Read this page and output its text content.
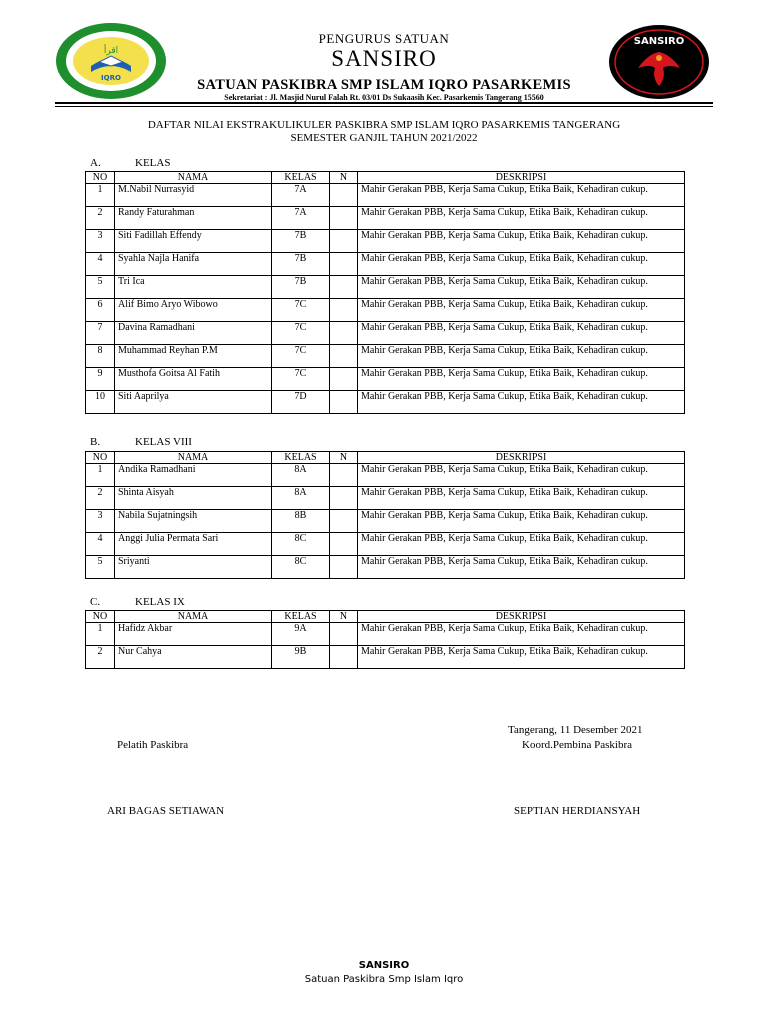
اقرأ
IQRO
SANSIRO
PENGURUS SATUAN
SANSIRO
SATUAN PASKIBRA SMP ISLAM IQRO PASARKEMIS
Sekretariat : Jl. Masjid Nurul Falah Rt. 03/01 Ds Sukaasih Kec. Pasarkemis Tangerang 15560
DAFTAR NILAI EKSTRAKULIKULER PASKIBRA SMP ISLAM IQRO PASARKEMIS TANGERANG
SEMESTER GANJIL TAHUN 2021/2022
A.	KELAS
NO	NAMA	KELAS	N	DESKRIPSI
1	M.Nabil Nurrasyid	7A		Mahir Gerakan PBB, Kerja Sama Cukup, Etika Baik, Kehadiran cukup.
2	Randy Faturahman	7A		Mahir Gerakan PBB, Kerja Sama Cukup, Etika Baik, Kehadiran cukup.
3	Siti Fadillah Effendy	7B		Mahir Gerakan PBB, Kerja Sama Cukup, Etika Baik, Kehadiran cukup.
4	Syahla Najla Hanifa	7B		Mahir Gerakan PBB, Kerja Sama Cukup, Etika Baik, Kehadiran cukup.
5	Tri Ica	7B		Mahir Gerakan PBB, Kerja Sama Cukup, Etika Baik, Kehadiran cukup.
6	Alif Bimo Aryo Wibowo	7C		Mahir Gerakan PBB, Kerja Sama Cukup, Etika Baik, Kehadiran cukup.
7	Davina Ramadhani	7C		Mahir Gerakan PBB, Kerja Sama Cukup, Etika Baik, Kehadiran cukup.
8	Muhammad Reyhan P.M	7C		Mahir Gerakan PBB, Kerja Sama Cukup, Etika Baik, Kehadiran cukup.
9	Musthofa Goitsa Al Fatih	7C		Mahir Gerakan PBB, Kerja Sama Cukup, Etika Baik, Kehadiran cukup.
10	Siti Aaprilya	7D		Mahir Gerakan PBB, Kerja Sama Cukup, Etika Baik, Kehadiran cukup.
B.	KELAS VIII
NO	NAMA	KELAS	N	DESKRIPSI
1	Andika Ramadhani	8A		Mahir Gerakan PBB, Kerja Sama Cukup, Etika Baik, Kehadiran cukup.
2	Shinta Aisyah	8A		Mahir Gerakan PBB, Kerja Sama Cukup, Etika Baik, Kehadiran cukup.
3	Nabila Sujatningsih	8B		Mahir Gerakan PBB, Kerja Sama Cukup, Etika Baik, Kehadiran cukup.
4	Anggi Julia Permata Sari	8C		Mahir Gerakan PBB, Kerja Sama Cukup, Etika Baik, Kehadiran cukup.
5	Sriyanti	8C		Mahir Gerakan PBB, Kerja Sama Cukup, Etika Baik, Kehadiran cukup.
C.	KELAS IX
NO	NAMA	KELAS	N	DESKRIPSI
1	Hafidz Akbar	9A		Mahir Gerakan PBB, Kerja Sama Cukup, Etika Baik, Kehadiran cukup.
2	Nur Cahya	9B		Mahir Gerakan PBB, Kerja Sama Cukup, Etika Baik, Kehadiran cukup.
Tangerang, 11 Desember 2021
Pelatih Paskibra	Koord.Pembina Paskibra
ARI BAGAS SETIAWAN	SEPTIAN HERDIANSYAH
SANSIRO
Satuan Paskibra Smp Islam Iqro
